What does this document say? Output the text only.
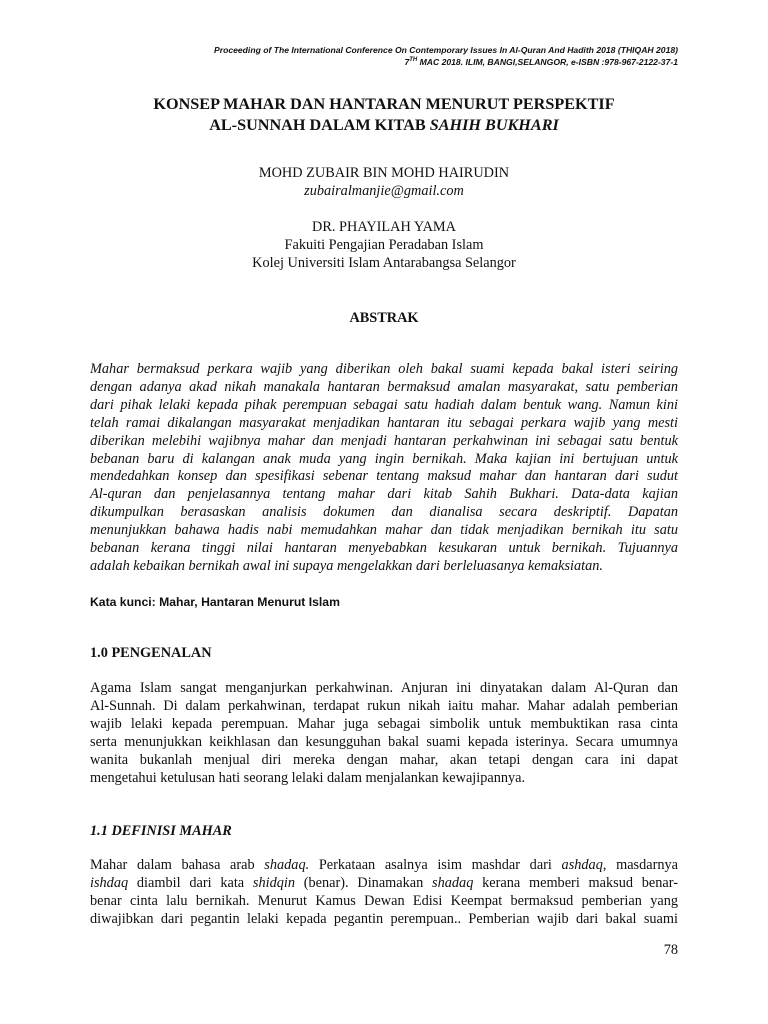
Proceeding of The International Conference On Contemporary Issues In Al-Quran And Hadith 2018 (THIQAH 2018)
7TH MAC 2018. ILIM, BANGI,SELANGOR, e-ISBN :978-967-2122-37-1
KONSEP MAHAR DAN HANTARAN MENURUT PERSPEKTIF
AL-SUNNAH DALAM KITAB SAHIH BUKHARI
MOHD ZUBAIR BIN MOHD HAIRUDIN
zubairalmanjie@gmail.com
DR. PHAYILAH YAMA
Fakuiti Pengajian Peradaban Islam
Kolej Universiti Islam Antarabangsa Selangor
ABSTRAK
Mahar bermaksud perkara wajib yang diberikan oleh bakal suami kepada bakal isteri seiring
dengan adanya akad nikah manakala hantaran bermaksud amalan masyarakat, satu pemberian
dari pihak lelaki kepada pihak perempuan sebagai satu hadiah dalam bentuk wang. Namun kini
telah ramai dikalangan masyarakat menjadikan hantaran itu sebagai perkara wajib yang mesti
diberikan melebihi wajibnya mahar dan menjadi hantaran perkahwinan ini sebagai satu bentuk
bebanan baru di kalangan anak muda yang ingin bernikah. Maka kajian ini bertujuan untuk
mendedahkan konsep dan spesifikasi sebenar tentang maksud mahar dan hantaran dari sudut
Al-quran dan penjelasannya tentang mahar dari kitab Sahih Bukhari. Data-data kajian
dikumpulkan berasaskan analisis dokumen dan dianalisa secara deskriptif. Dapatan
menunjukkan bahawa hadis nabi memudahkan mahar dan tidak menjadikan bernikah itu satu
bebanan kerana tinggi nilai hantaran menyebabkan kesukaran untuk bernikah. Tujuannya
adalah kebaikan bernikah awal ini supaya mengelakkan dari berleluasanya kemaksiatan.
Kata kunci: Mahar, Hantaran Menurut Islam
1.0 PENGENALAN
Agama Islam sangat menganjurkan perkahwinan. Anjuran ini dinyatakan dalam Al-Quran dan
Al-Sunnah. Di dalam perkahwinan, terdapat rukun nikah iaitu mahar. Mahar adalah pemberian
wajib lelaki kepada perempuan. Mahar juga sebagai simbolik untuk membuktikan rasa cinta
serta menunjukkan keikhlasan dan kesungguhan bakal suami kepada isterinya. Secara umumnya
wanita bukanlah menjual diri mereka dengan mahar, akan tetapi dengan cara ini dapat
mengetahui ketulusan hati seorang lelaki dalam menjalankan kewajipannya.
1.1 DEFINISI MAHAR
Mahar dalam bahasa arab shadaq. Perkataan asalnya isim mashdar dari ashdaq, masdarnya
ishdaq diambil dari kata shidqin (benar). Dinamakan shadaq kerana memberi maksud benar-
benar cinta lalu bernikah. Menurut Kamus Dewan Edisi Keempat bermaksud pemberian yang
diwajibkan dari pegantin lelaki kepada pegantin perempuan.. Pemberian wajib dari bakal suami
78
